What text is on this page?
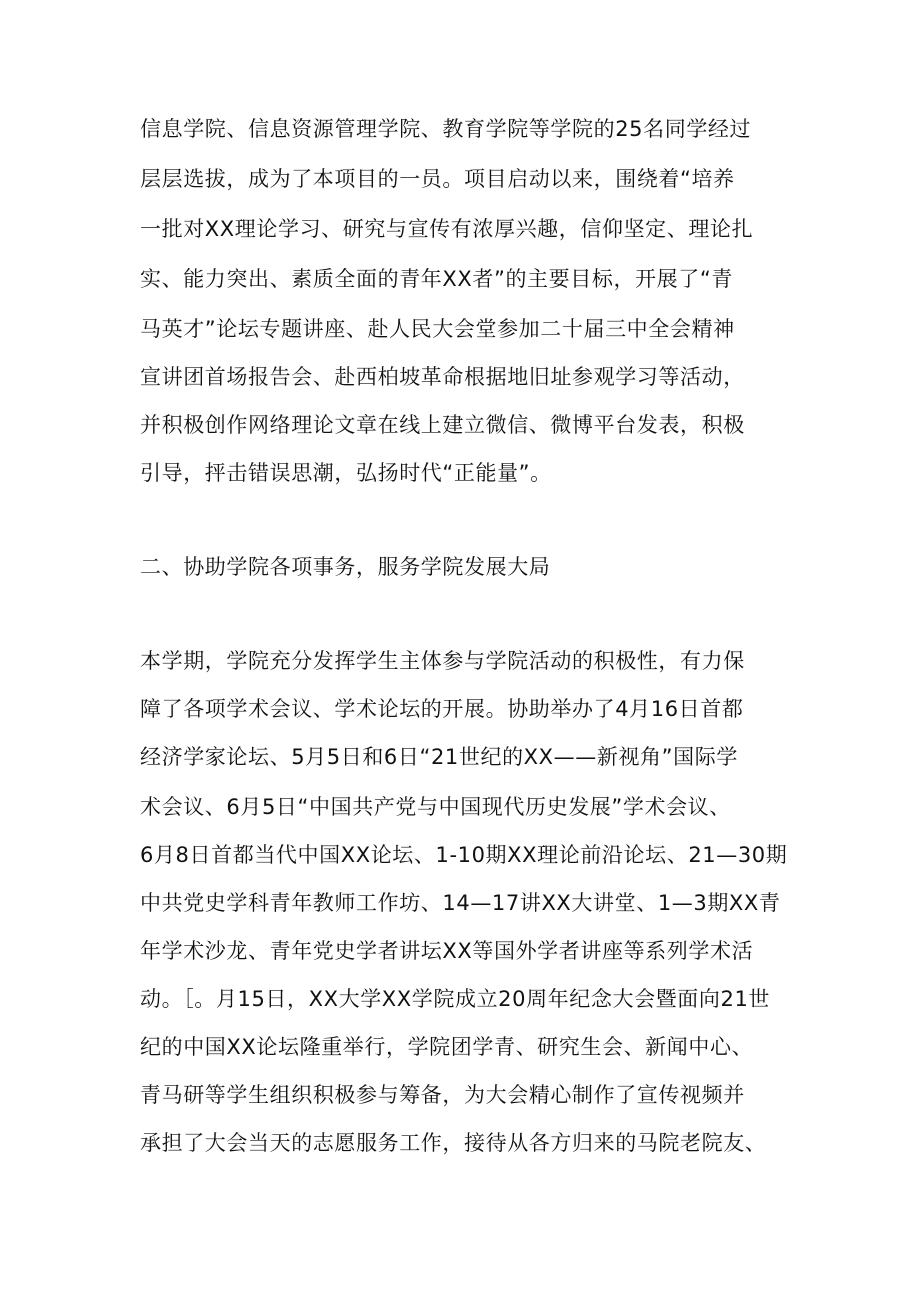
信息学院、信息资源管理学院、教育学院等学院的25名同学经过
层层选拔，成为了本项目的一员。项目启动以来，围绕着“培养
一批对XX理论学习、研究与宣传有浓厚兴趣，信仰坚定、理论扎
实、能力突出、素质全面的青年XX者”的主要目标，开展了“青
马英才”论坛专题讲座、赴人民大会堂参加二十届三中全会精神
宣讲团首场报告会、赴西柏坡革命根据地旧址参观学习等活动，
并积极创作网络理论文章在线上建立微信、微博平台发表，积极
引导，抨击错误思潮，弘扬时代“正能量”。
二、协助学院各项事务，服务学院发展大局
本学期，学院充分发挥学生主体参与学院活动的积极性，有力保
障了各项学术会议、学术论坛的开展。协助举办了4月16日首都
经济学家论坛、5月5日和6日“21世纪的XX——新视角”国际学
术会议、6月5日“中国共产党与中国现代历史发展”学术会议、
6月8日首都当代中国XX论坛、1-10期XX理论前沿论坛、21—30期
中共党史学科青年教师工作坊、14—17讲XX大讲堂、1—3期XX青
年学术沙龙、青年党史学者讲坛XX等国外学者讲座等系列学术活
动。［。月15日，XX大学XX学院成立20周年纪念大会暨面向21世
纪的中国XX论坛隆重举行，学院团学青、研究生会、新闻中心、
青马研等学生组织积极参与筹备，为大会精心制作了宣传视频并
承担了大会当天的志愿服务工作，接待从各方归来的马院老院友、
